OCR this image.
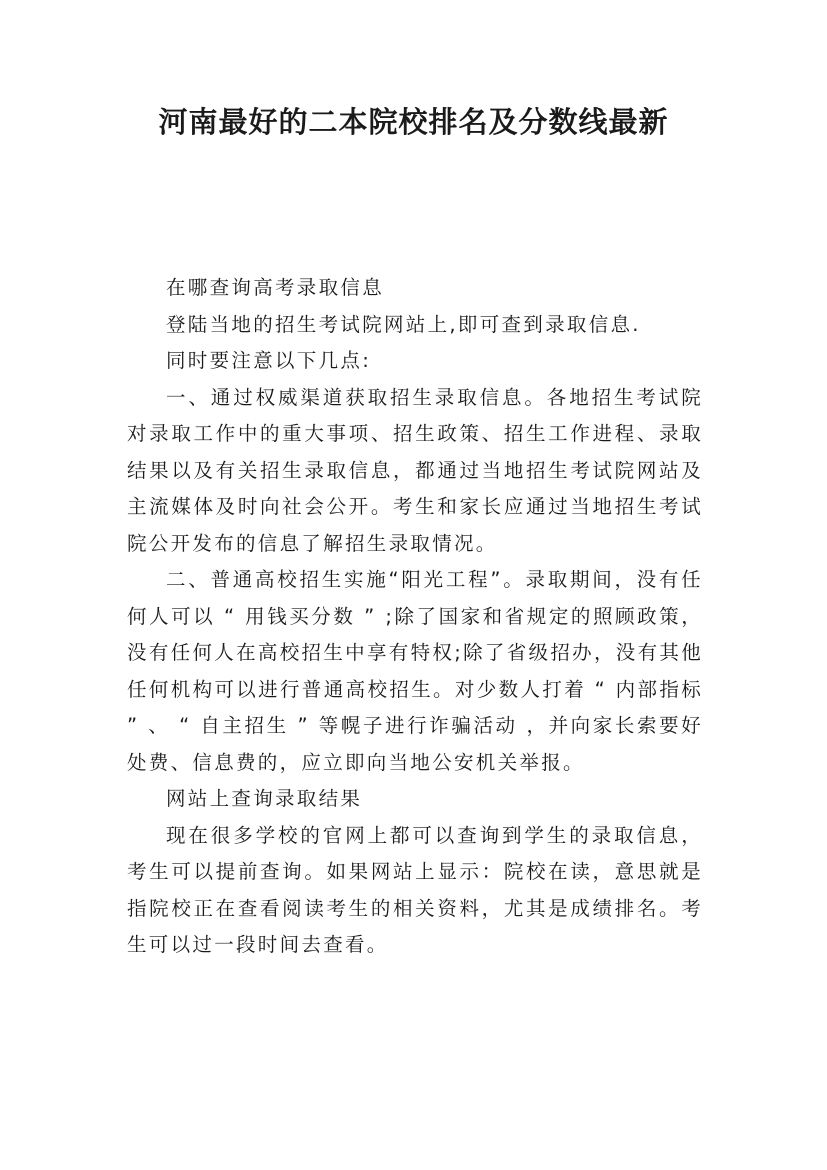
河南最好的二本院校排名及分数线最新

在哪查询高考录取信息

登陆当地的招生考试院网站上,即可查到录取信息.

同时要注意以下几点:

一、通过权威渠道获取招生录取信息。各地招生考试院对录取工作中的重大事项、招生政策、招生工作进程、录取结果以及有关招生录取信息，都通过当地招生考试院网站及主流媒体及时向社会公开。考生和家长应通过当地招生考试院公开发布的信息了解招生录取情况。

二、普通高校招生实施“阳光工程”。录取期间，没有任何人可以 “ 用钱买分数 ” ;除了国家和省规定的照顾政策，没有任何人在高校招生中享有特权;除了省级招办，没有其他任何机构可以进行普通高校招生。对少数人打着 “ 内部指标 ” 、 “ 自主招生 ” 等幌子进行诈骗活动 ，并向家长索要好处费、信息费的，应立即向当地公安机关举报。

网站上查询录取结果

现在很多学校的官网上都可以查询到学生的录取信息，考生可以提前查询。如果网站上显示：院校在读，意思就是指院校正在查看阅读考生的相关资料，尤其是成绩排名。考生可以过一段时间去查看。
